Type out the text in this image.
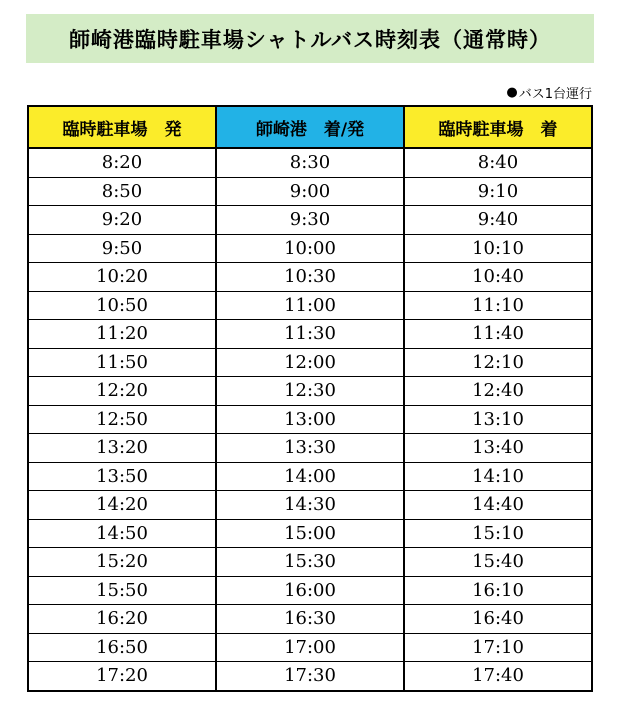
師崎港臨時駐車場シャトルバス時刻表（通常時）
● バス1台運行
臨時駐車場　発	師崎港　着/発	臨時駐車場　着
8:20	8:30	8:40
8:50	9:00	9:10
9:20	9:30	9:40
9:50	10:00	10:10
10:20	10:30	10:40
10:50	11:00	11:10
11:20	11:30	11:40
11:50	12:00	12:10
12:20	12:30	12:40
12:50	13:00	13:10
13:20	13:30	13:40
13:50	14:00	14:10
14:20	14:30	14:40
14:50	15:00	15:10
15:20	15:30	15:40
15:50	16:00	16:10
16:20	16:30	16:40
16:50	17:00	17:10
17:20	17:30	17:40
